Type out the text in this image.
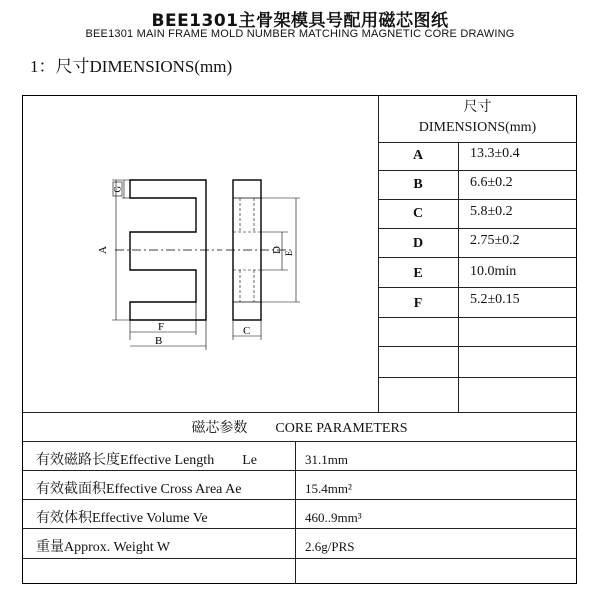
BEE1301主骨架模具号配用磁芯图纸
BEE1301 MAIN FRAME MOLD NUMBER MATCHING MAGNETIC CORE DRAWING
1：尺寸DIMENSIONS(mm)
尺寸
DIMENSIONS(mm)
A	13.3±0.4
B	6.6±0.2
C	5.8±0.2
D	2.75±0.2
E	10.0min
F	5.2±0.15
磁芯参数　　CORE PARAMETERS
有效磁路长度Effective Length　　Le	31.1mm
有效截面积Effective Cross Area Ae	15.4mm²
有效体积Effective Volume Ve	460..9mm³
重量Approx. Weight W	2.6g/PRS
A
G
F
B
D E
C
